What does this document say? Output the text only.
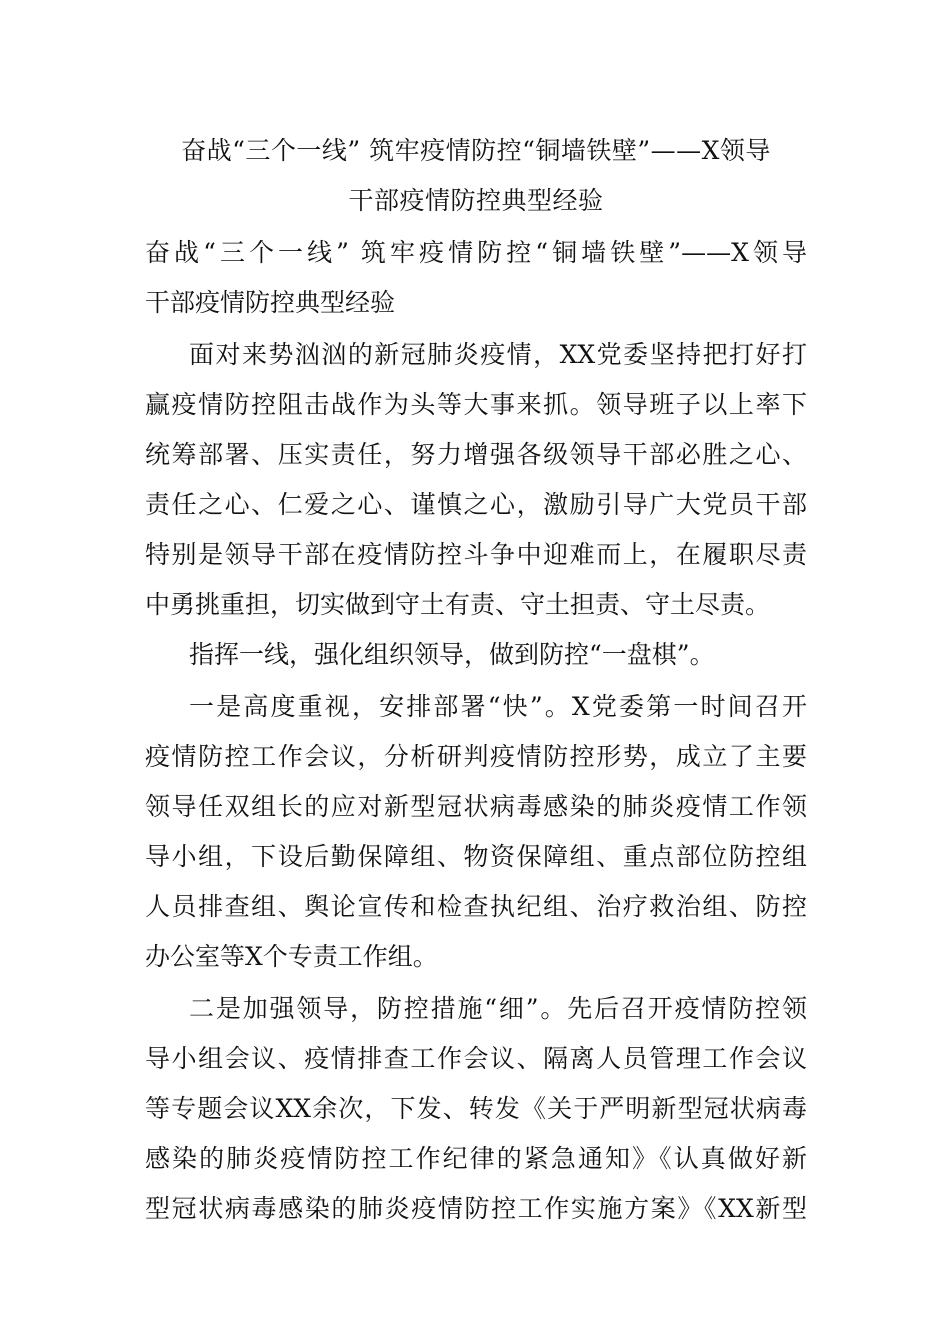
奋战“三个一线” 筑牢疫情防控“铜墙铁壁”——X领导
干部疫情防控典型经验
奋战“三个一线” 筑牢疫情防控“铜墙铁壁”——X领导
干部疫情防控典型经验
面对来势汹汹的新冠肺炎疫情，XX党委坚持把打好打
赢疫情防控阻击战作为头等大事来抓。领导班子以上率下
统筹部署、压实责任，努力增强各级领导干部必胜之心、
责任之心、仁爱之心、谨慎之心，激励引导广大党员干部
特别是领导干部在疫情防控斗争中迎难而上，在履职尽责
中勇挑重担，切实做到守土有责、守土担责、守土尽责。
指挥一线，强化组织领导，做到防控“一盘棋”。
一是高度重视，安排部署“快”。X党委第一时间召开
疫情防控工作会议，分析研判疫情防控形势，成立了主要
领导任双组长的应对新型冠状病毒感染的肺炎疫情工作领
导小组，下设后勤保障组、物资保障组、重点部位防控组
人员排查组、舆论宣传和检查执纪组、治疗救治组、防控
办公室等X个专责工作组。
二是加强领导，防控措施“细”。先后召开疫情防控领
导小组会议、疫情排查工作会议、隔离人员管理工作会议
等专题会议XX余次，下发、转发《关于严明新型冠状病毒
感染的肺炎疫情防控工作纪律的紧急通知》《认真做好新
型冠状病毒感染的肺炎疫情防控工作实施方案》《XX新型
